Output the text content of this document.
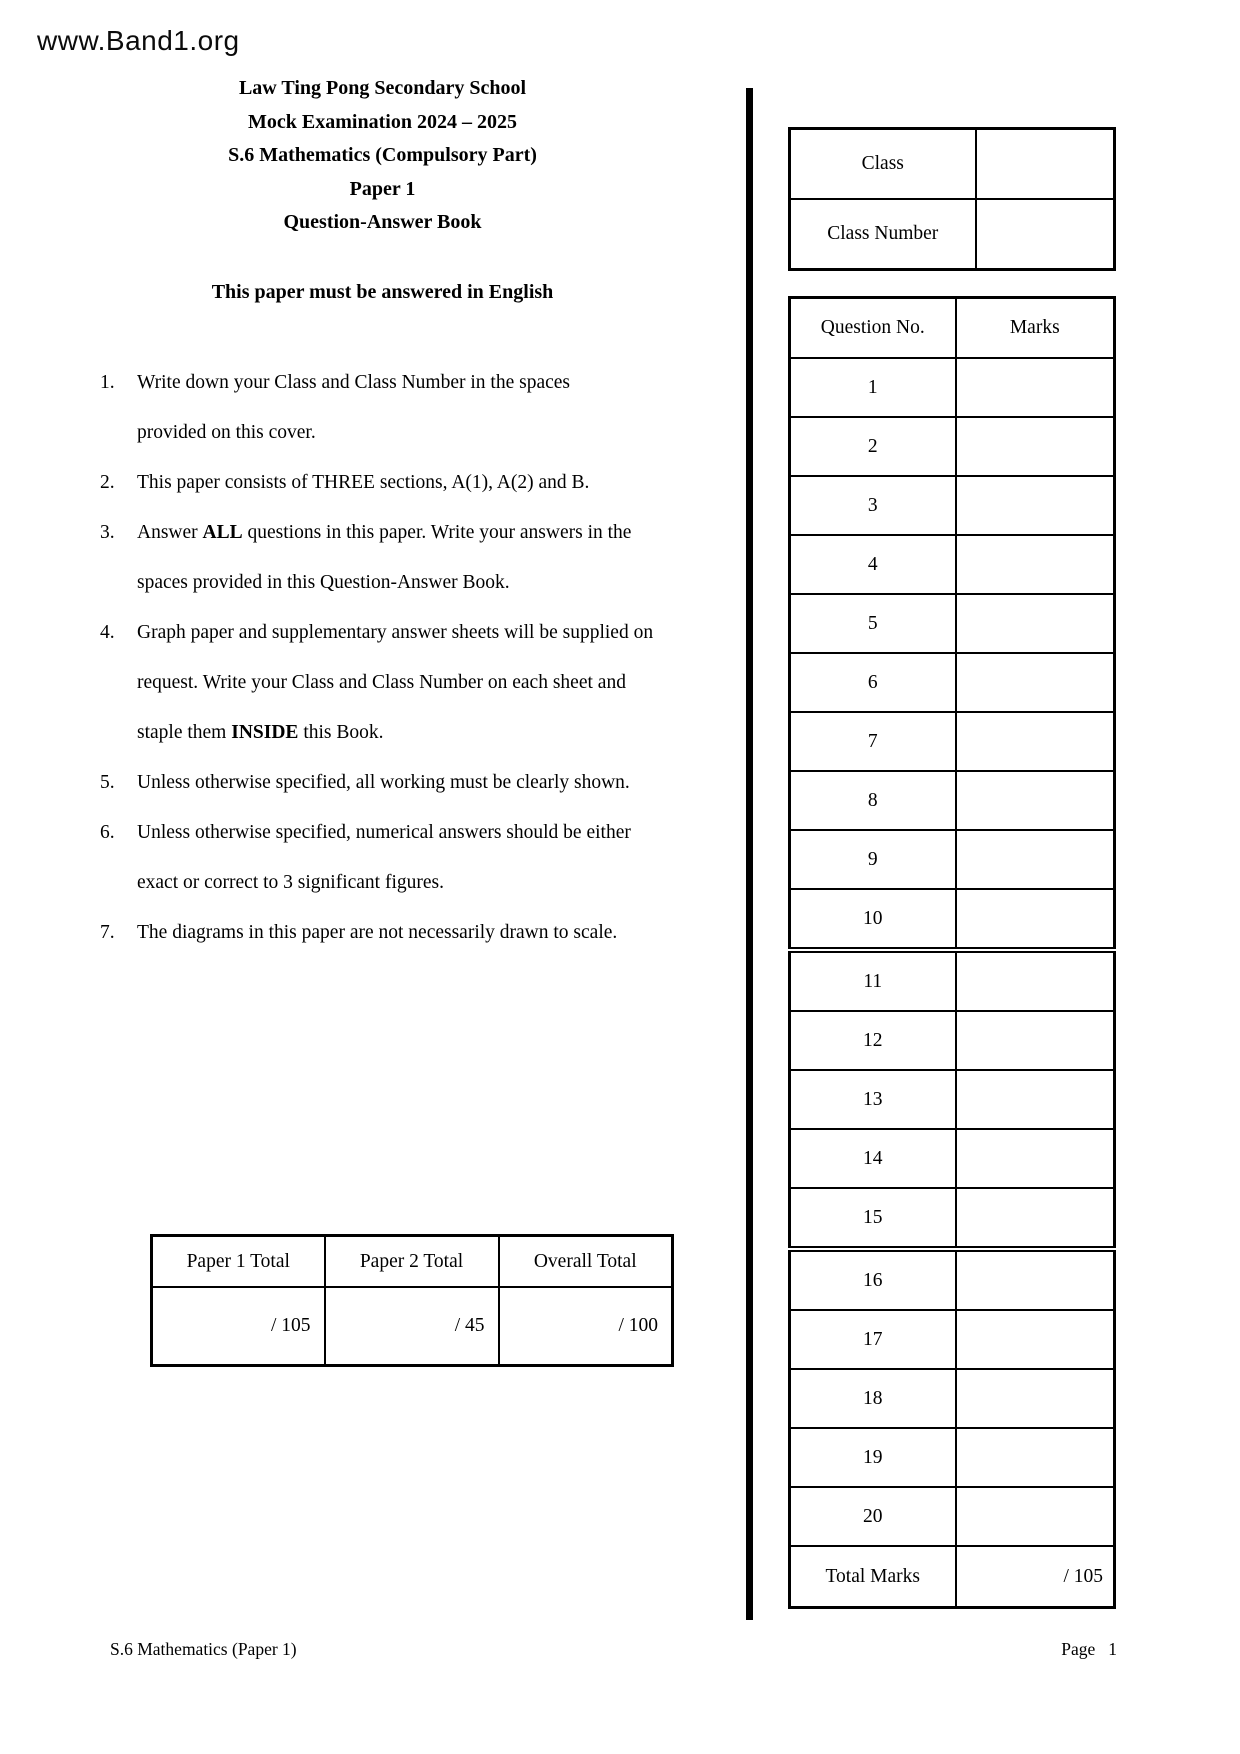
www.Band1.org
Law Ting Pong Secondary School
Mock Examination 2024 – 2025
S.6 Mathematics (Compulsory Part)
Paper 1
Question-Answer Book
This paper must be answered in English
1. Write down your Class and Class Number in the spaces
provided on this cover.
2. This paper consists of THREE sections, A(1), A(2) and B.
3. Answer ALL questions in this paper. Write your answers in the
spaces provided in this Question-Answer Book.
4. Graph paper and supplementary answer sheets will be supplied on
request. Write your Class and Class Number on each sheet and
staple them INSIDE this Book.
5. Unless otherwise specified, all working must be clearly shown.
6. Unless otherwise specified, numerical answers should be either
exact or correct to 3 significant figures.
7. The diagrams in this paper are not necessarily drawn to scale.
Paper 1 Total	Paper 2 Total	Overall Total
/ 105	/ 45	/ 100
Class	
Class Number	
Question No.	Marks
1	
2	
3	
4	
5	
6	
7	
8	
9	
10	
11	
12	
13	
14	
15	
16	
17	
18	
19	
20	
Total Marks	/ 105
S.6 Mathematics (Paper 1)	Page 1
